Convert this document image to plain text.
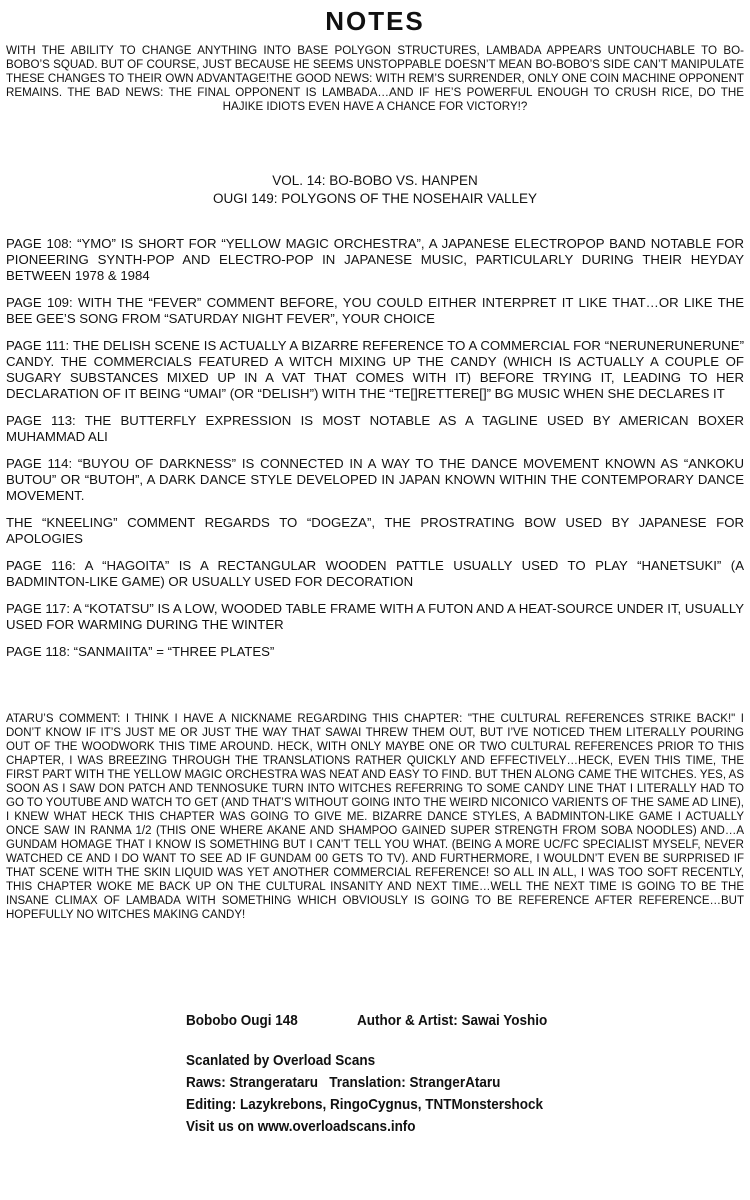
NOTES

WITH THE ABILITY TO CHANGE ANYTHING INTO BASE POLYGON STRUCTURES, LAMBADA APPEARS UNTOUCHABLE TO BO-BOBO’S SQUAD. BUT OF COURSE, JUST BECAUSE HE SEEMS UNSTOPPABLE DOESN’T MEAN BO-BOBO’S SIDE CAN’T MANIPULATE THESE CHANGES TO THEIR OWN ADVANTAGE!THE GOOD NEWS: WITH REM’S SURRENDER, ONLY ONE COIN MACHINE OPPONENT REMAINS. THE BAD NEWS: THE FINAL OPPONENT IS LAMBADA…AND IF HE’S POWERFUL ENOUGH TO CRUSH RICE, DO THE HAJIKE IDIOTS EVEN HAVE A CHANCE FOR VICTORY!?

VOL. 14: BO-BOBO VS. HANPEN
OUGI 149: POLYGONS OF THE NOSEHAIR VALLEY

PAGE 108: “YMO” IS SHORT FOR “YELLOW MAGIC ORCHESTRA”, A JAPANESE ELECTROPOP BAND NOTABLE FOR PIONEERING SYNTH-POP AND ELECTRO-POP IN JAPANESE MUSIC, PARTICULARLY DURING THEIR HEYDAY BETWEEN 1978 & 1984

PAGE 109: WITH THE “FEVER” COMMENT BEFORE, YOU COULD EITHER INTERPRET IT LIKE THAT…OR LIKE THE BEE GEE’S SONG FROM “SATURDAY NIGHT FEVER”, YOUR CHOICE

PAGE 111: THE DELISH SCENE IS ACTUALLY A BIZARRE REFERENCE TO A COMMERCIAL FOR “NERUNERUNERUNE” CANDY. THE COMMERCIALS FEATURED A WITCH MIXING UP THE CANDY (WHICH IS ACTUALLY A COUPLE OF SUGARY SUBSTANCES MIXED UP IN A VAT THAT COMES WITH IT) BEFORE TRYING IT, LEADING TO HER DECLARATION OF IT BEING “UMAI” (OR “DELISH”) WITH THE “TE[]RETTERE[]” BG MUSIC WHEN SHE DECLARES IT

PAGE 113: THE BUTTERFLY EXPRESSION IS MOST NOTABLE AS A TAGLINE USED BY AMERICAN BOXER MUHAMMAD ALI

PAGE 114: “BUYOU OF DARKNESS” IS CONNECTED IN A WAY TO THE DANCE MOVEMENT KNOWN AS “ANKOKU BUTOU” OR “BUTOH”, A DARK DANCE STYLE DEVELOPED IN JAPAN KNOWN WITHIN THE CONTEMPORARY DANCE MOVEMENT.

THE “KNEELING” COMMENT REGARDS TO “DOGEZA”, THE PROSTRATING BOW USED BY JAPANESE FOR APOLOGIES

PAGE 116: A “HAGOITA” IS A RECTANGULAR WOODEN PATTLE USUALLY USED TO PLAY “HANETSUKI” (A BADMINTON-LIKE GAME) OR USUALLY USED FOR DECORATION

PAGE 117: A “KOTATSU” IS A LOW, WOODED TABLE FRAME WITH A FUTON AND A HEAT-SOURCE UNDER IT, USUALLY USED FOR WARMING DURING THE WINTER

PAGE 118: “SANMAIITA” = “THREE PLATES”

ATARU’S COMMENT: I THINK I HAVE A NICKNAME REGARDING THIS CHAPTER: "THE CULTURAL REFERENCES STRIKE BACK!" I DON’T KNOW IF IT’S JUST ME OR JUST THE WAY THAT SAWAI THREW THEM OUT, BUT I’VE NOTICED THEM LITERALLY POURING OUT OF THE WOODWORK THIS TIME AROUND. HECK, WITH ONLY MAYBE ONE OR TWO CULTURAL REFERENCES PRIOR TO THIS CHAPTER, I WAS BREEZING THROUGH THE TRANSLATIONS RATHER QUICKLY AND EFFECTIVELY…HECK, EVEN THIS TIME, THE FIRST PART WITH THE YELLOW MAGIC ORCHESTRA WAS NEAT AND EASY TO FIND. BUT THEN ALONG CAME THE WITCHES. YES, AS SOON AS I SAW DON PATCH AND TENNOSUKE TURN INTO WITCHES REFERRING TO SOME CANDY LINE THAT I LITERALLY HAD TO GO TO YOUTUBE AND WATCH TO GET (AND THAT’S WITHOUT GOING INTO THE WEIRD NICONICO VARIENTS OF THE SAME AD LINE), I KNEW WHAT HECK THIS CHAPTER WAS GOING TO GIVE ME. BIZARRE DANCE STYLES, A BADMINTON-LIKE GAME I ACTUALLY ONCE SAW IN RANMA 1/2 (THIS ONE WHERE AKANE AND SHAMPOO GAINED SUPER STRENGTH FROM SOBA NOODLES) AND…A GUNDAM HOMAGE THAT I KNOW IS SOMETHING BUT I CAN’T TELL YOU WHAT. (BEING A MORE UC/FC SPECIALIST MYSELF, NEVER WATCHED CE AND I DO WANT TO SEE AD IF GUNDAM 00 GETS TO TV). AND FURTHERMORE, I WOULDN’T EVEN BE SURPRISED IF THAT SCENE WITH THE SKIN LIQUID WAS YET ANOTHER COMMERCIAL REFERENCE! SO ALL IN ALL, I WAS TOO SOFT RECENTLY, THIS CHAPTER WOKE ME BACK UP ON THE CULTURAL INSANITY AND NEXT TIME…WELL THE NEXT TIME IS GOING TO BE THE INSANE CLIMAX OF LAMBADA WITH SOMETHING WHICH OBVIOUSLY IS GOING TO BE REFERENCE AFTER REFERENCE…BUT HOPEFULLY NO WITCHES MAKING CANDY!

Bobobo Ougi 148	Author & Artist: Sawai Yoshio
Scanlated by Overload Scans
Raws: Strangerataru   Translation: StrangerAtaru
Editing: Lazykrebons, RingoCygnus, TNTMonstershock
Visit us on www.overloadscans.info
